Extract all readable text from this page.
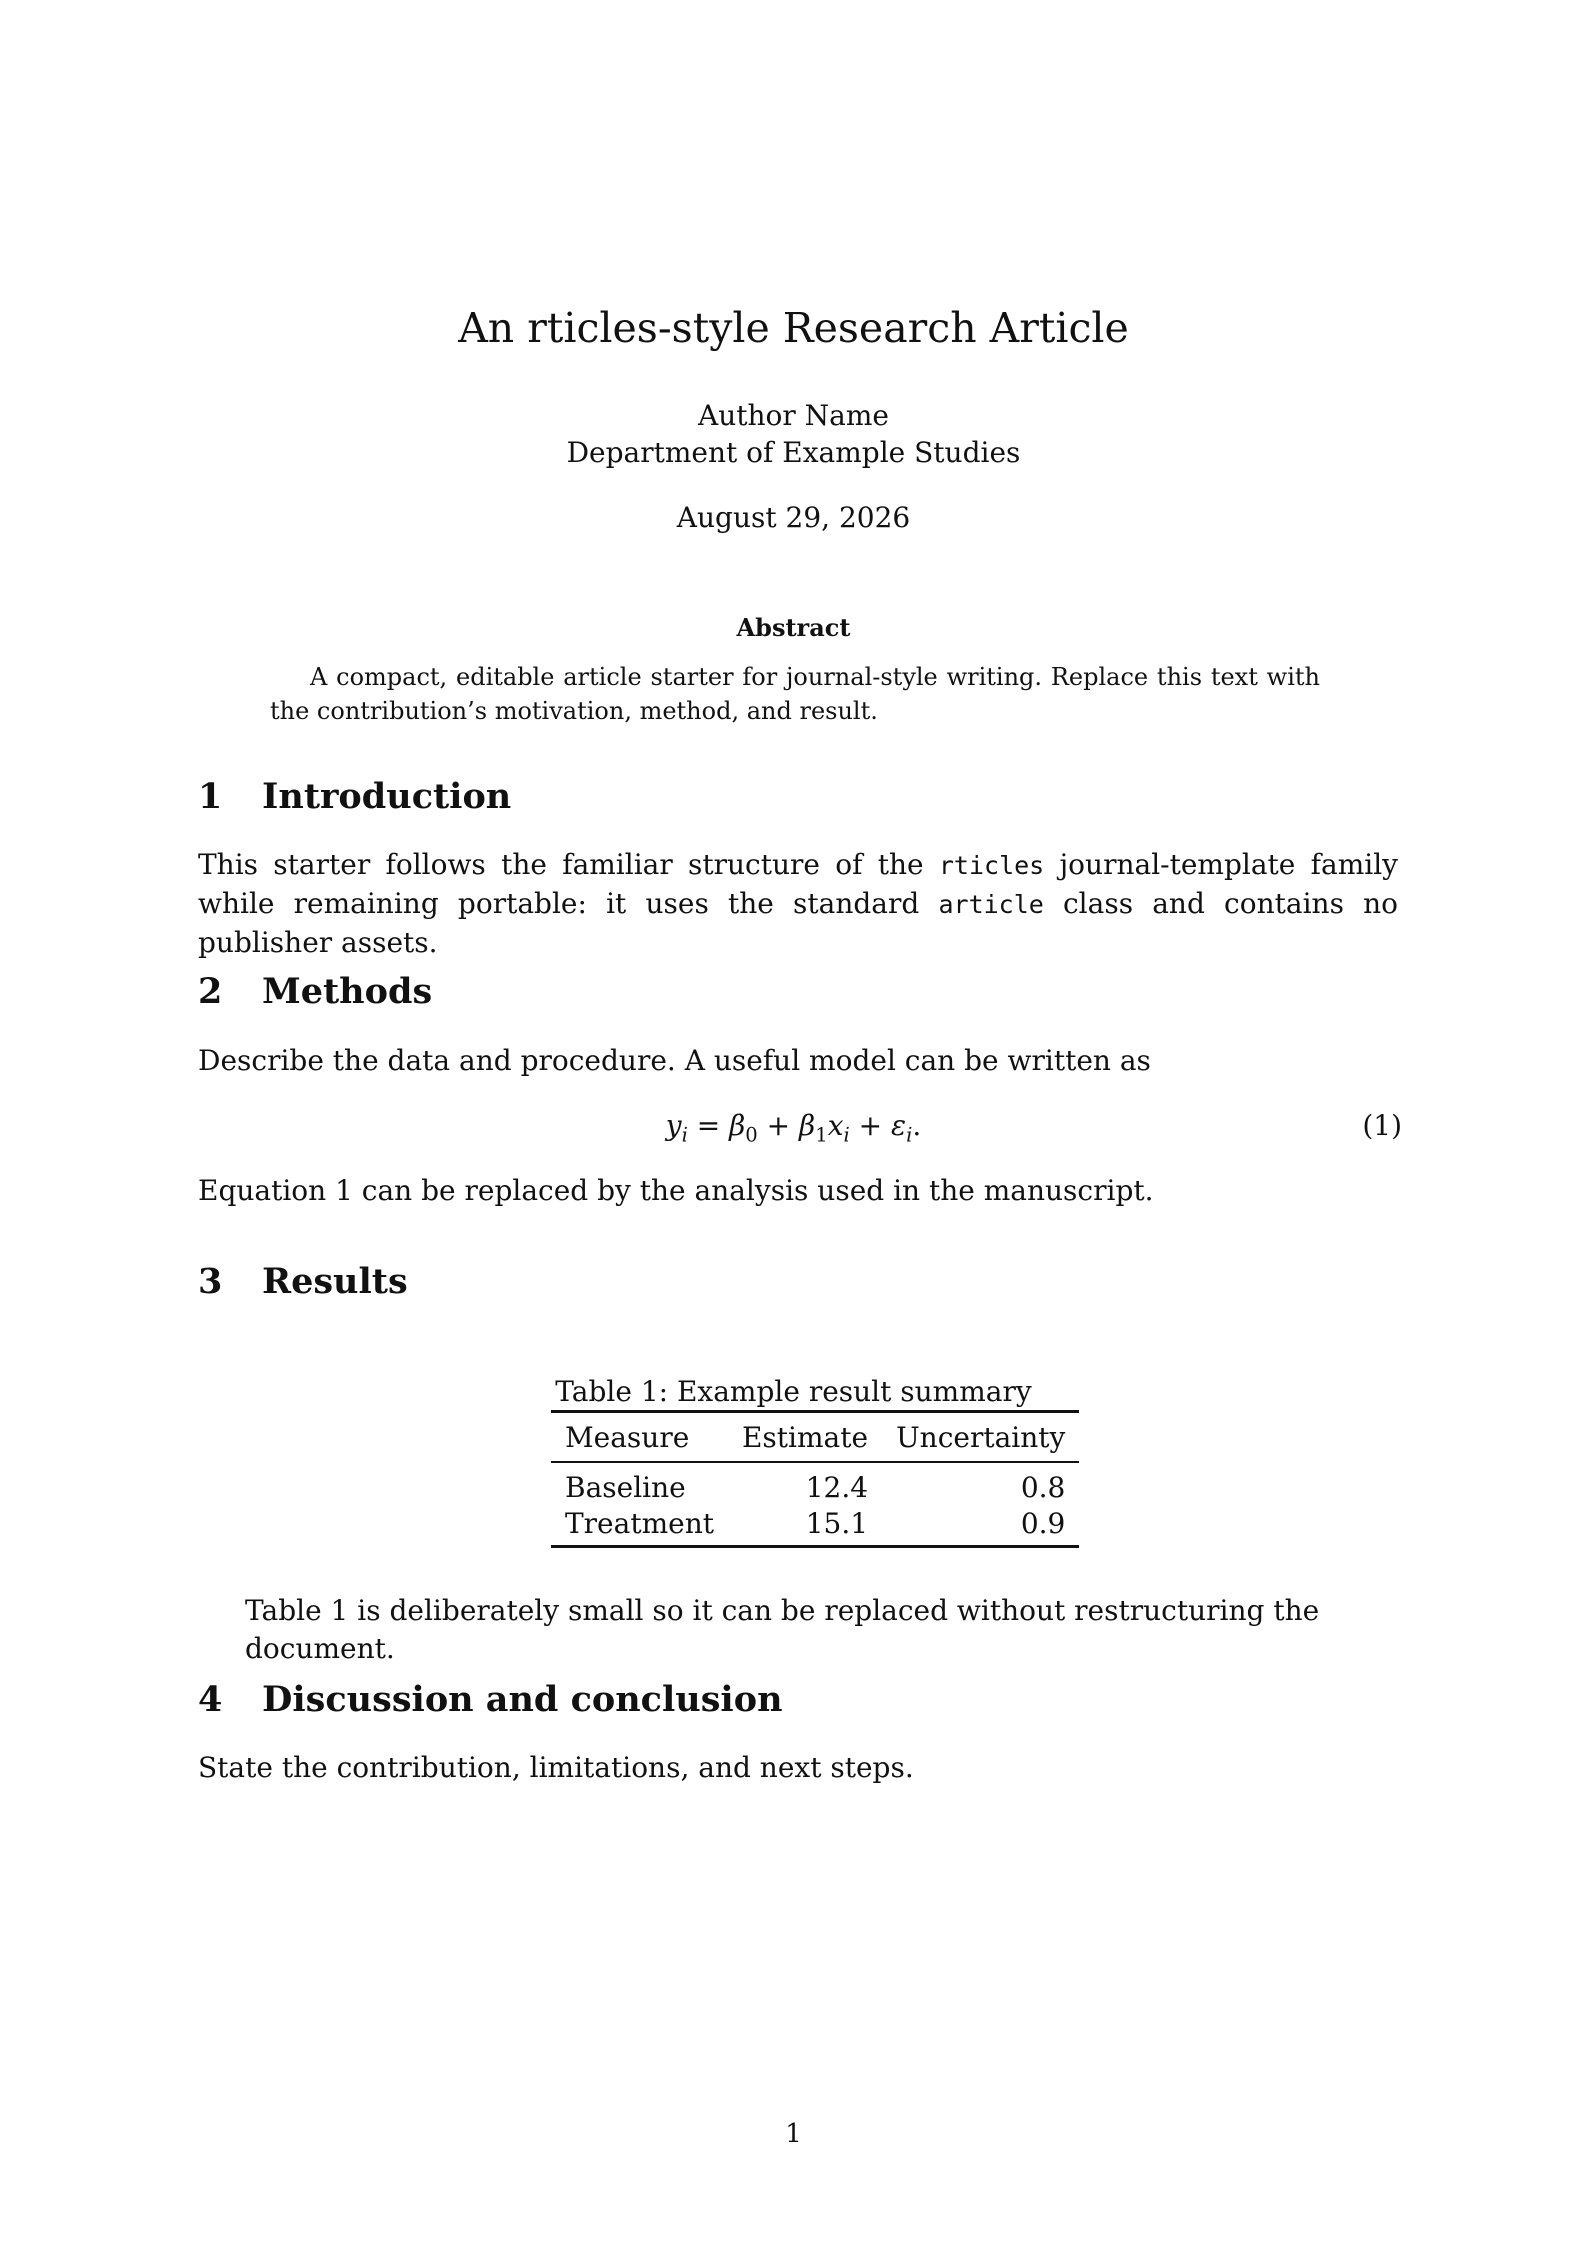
An rticles-style Research Article
Author Name
Department of Example Studies
August 29, 2026
Abstract
A compact, editable article starter for journal-style writing. Replace this text with the contribution’s motivation, method, and result.
1 Introduction
This starter follows the familiar structure of the rticles journal-template family while remaining portable: it uses the standard article class and contains no publisher assets.
2 Methods
Describe the data and procedure. A useful model can be written as
$y_i = \beta_0 + \beta_1x_i + \varepsilon_i$.	(1)
Equation 1 can be replaced by the analysis used in the manuscript.
3 Results
Table 1: Example result summary
Measure	Estimate	Uncertainty
Baseline	12.4	0.8
Treatment	15.1	0.9
Table 1 is deliberately small so it can be replaced without restructuring the document.
4 Discussion and conclusion
State the contribution, limitations, and next steps.
1
